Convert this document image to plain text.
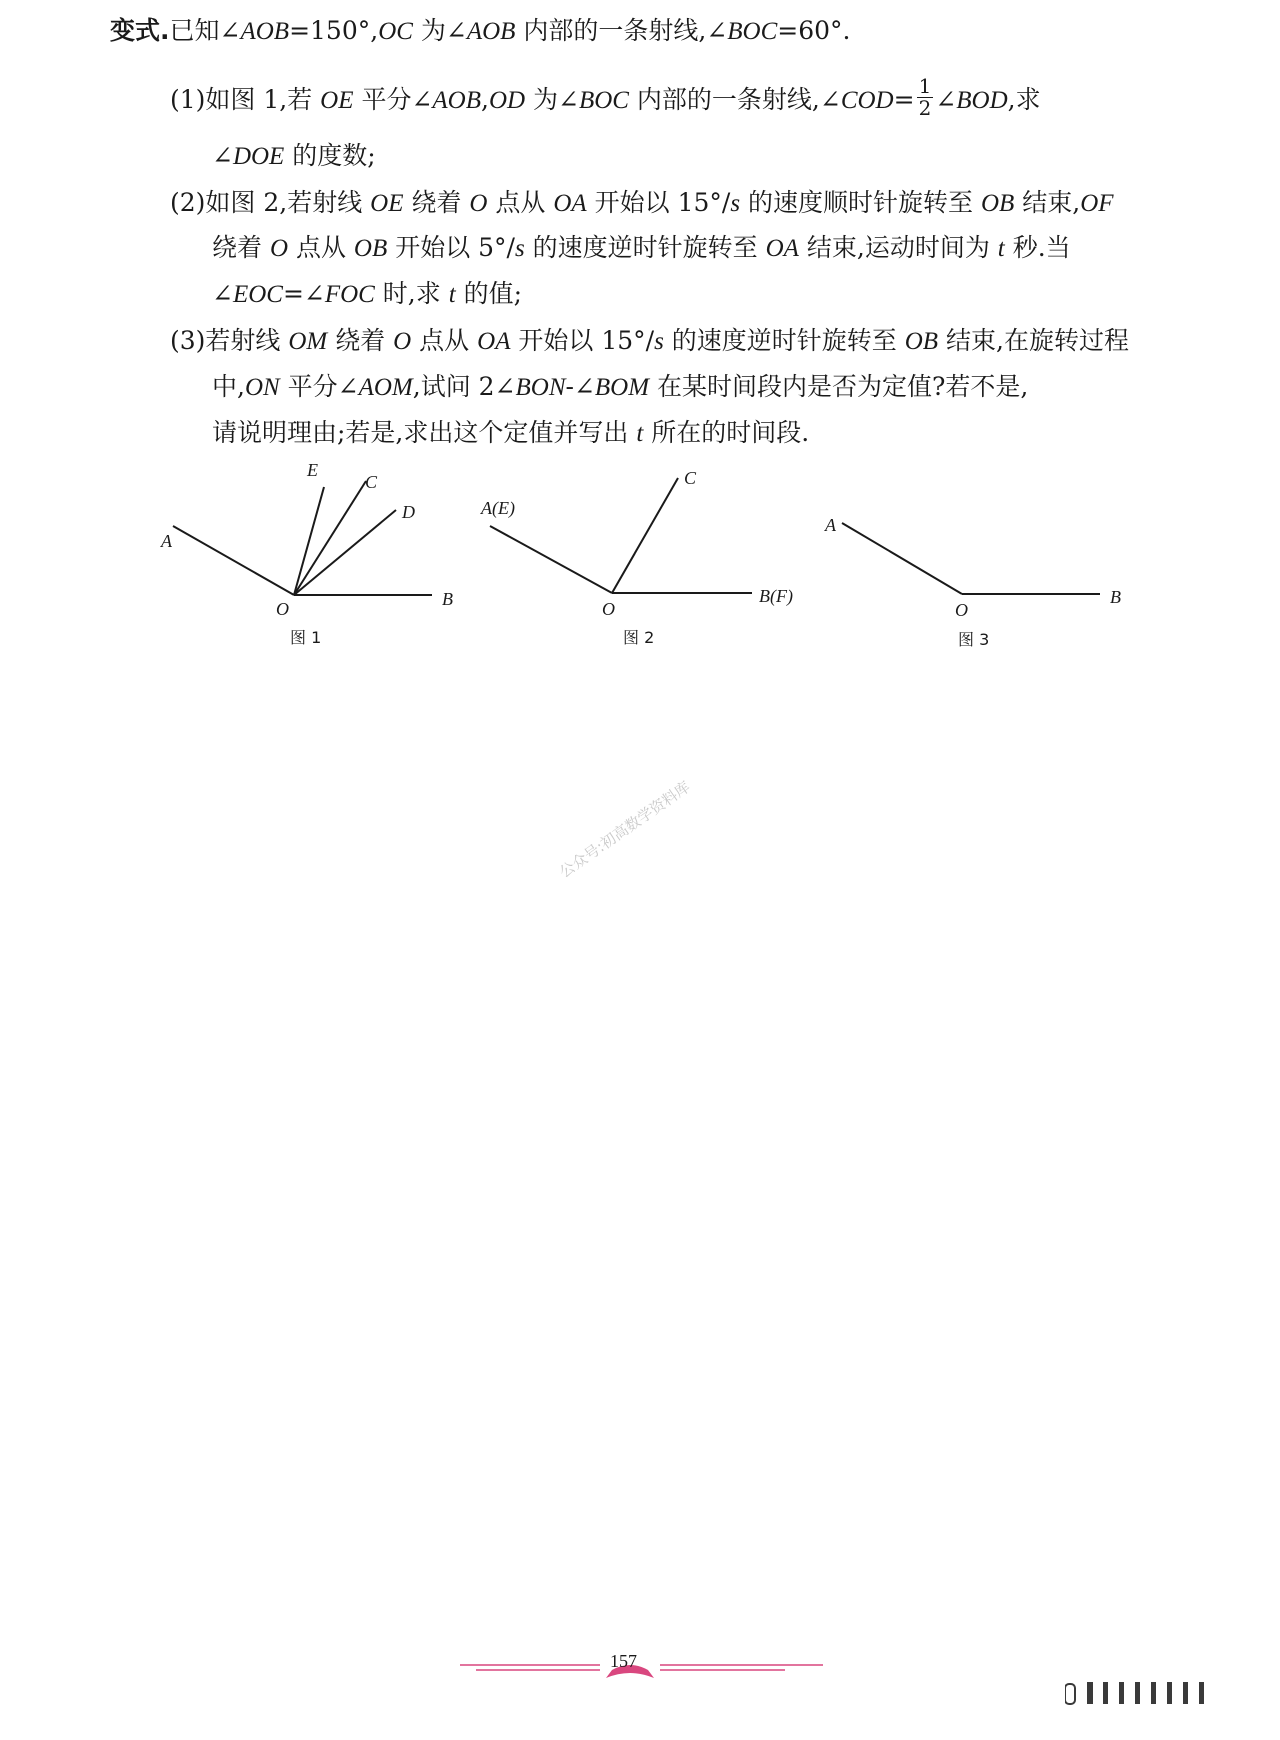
变式.已知∠AOB=150°,OC 为∠AOB 内部的一条射线,∠BOC=60°.
(1)如图 1,若 OE 平分∠AOB,OD 为∠BOC 内部的一条射线,∠COD= $\frac{1}{2}$ ∠BOD,求
∠DOE 的度数;
(2)如图 2,若射线 OE 绕着 O 点从 OA 开始以 15°/s 的速度顺时针旋转至 OB 结束,OF
绕着 O 点从 OB 开始以 5°/s 的速度逆时针旋转至 OA 结束,运动时间为 t 秒.当
∠EOC=∠FOC 时,求 t 的值;
(3)若射线 OM 绕着 O 点从 OA 开始以 15°/s 的速度逆时针旋转至 OB 结束,在旋转过程
中,ON 平分∠AOM,试问 2∠BON-∠BOM 在某时间段内是否为定值?若不是,
请说明理由;若是,求出这个定值并写出 t 所在的时间段.
A
E
C
D
O	B
图 1
A(E)
C
O
B(F)
图 2
A
O
B
图 3
公众号:初高数学资料库
157
